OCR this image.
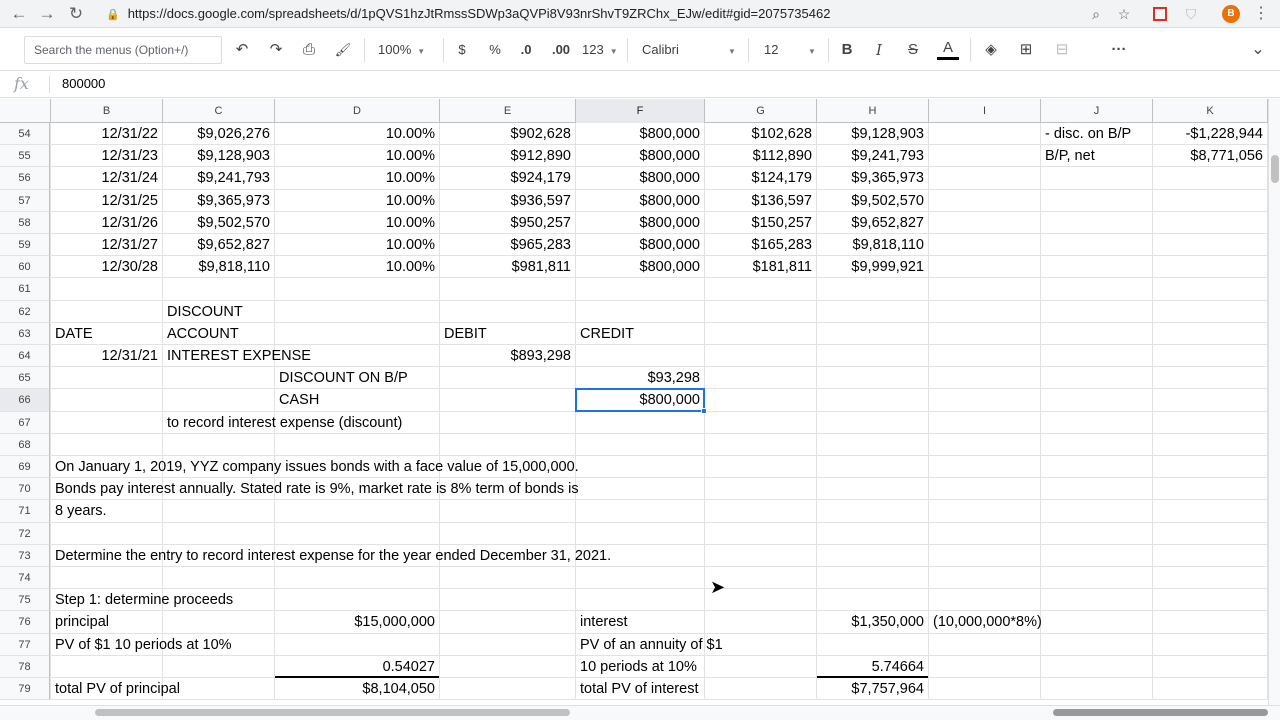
← → ↻	🔒 https://docs.google.com/spreadsheets/d/1pQVS1hzJtRmssSDWp3aQVPi8V93nrShvT9ZRChx_EJw/edit#gid=2075735462	⌕	☆	⛉	B	⋮
Search the menus (Option+/)	↶ ↷ ⎙	🖌 100% ▼	$	%	.0	.00 123 ▼ Calibri	▼ 12	▼ B	I	S	A	◈ ⊞	⊟	···	⌄
fx	800000
B	C	D	E	F	G	H	I	J	K
54
55
56
57
58
59
60
61
62
63
64
65
66
67
68
69
70
71
72
73
74
75
76
77
78
79
12/31/22	$9,026,276	10.00%	$902,628	$800,000	$102,628	$9,128,903	- disc. on B/P	-$1,228,944
12/31/23	$9,128,903	10.00%	$912,890	$800,000	$112,890	$9,241,793	B/P, net	$8,771,056
12/31/24	$9,241,793	10.00%	$924,179	$800,000	$124,179	$9,365,973
12/31/25	$9,365,973	10.00%	$936,597	$800,000	$136,597	$9,502,570
12/31/26	$9,502,570	10.00%	$950,257	$800,000	$150,257	$9,652,827
12/31/27	$9,652,827	10.00%	$965,283	$800,000	$165,283	$9,818,110
12/30/28	$9,818,110	10.00%	$981,811	$800,000	$181,811	$9,999,921
DISCOUNT
DATE	ACCOUNT	DEBIT	CREDIT
12/31/21 INTEREST EXPENSE	$893,298
DISCOUNT ON B/P	$93,298
CASH	$800,000
to record interest expense (discount)
On January 1, 2019, YYZ company issues bonds with a face value of 15,000,000.
Bonds pay interest annually. Stated rate is 9%, market rate is 8% term of bonds is
8 years.
Determine the entry to record interest expense for the year ended December 31, 2021.
Step 1: determine proceeds
principal	$15,000,000	interest	$1,350,000 (10,000,000*8%)
PV of $1 10 periods at 10%	PV of an annuity of $1
0.54027	10 periods at 10%	5.74664
total PV of principal	$8,104,050	total PV of interest	$7,757,964
➤
